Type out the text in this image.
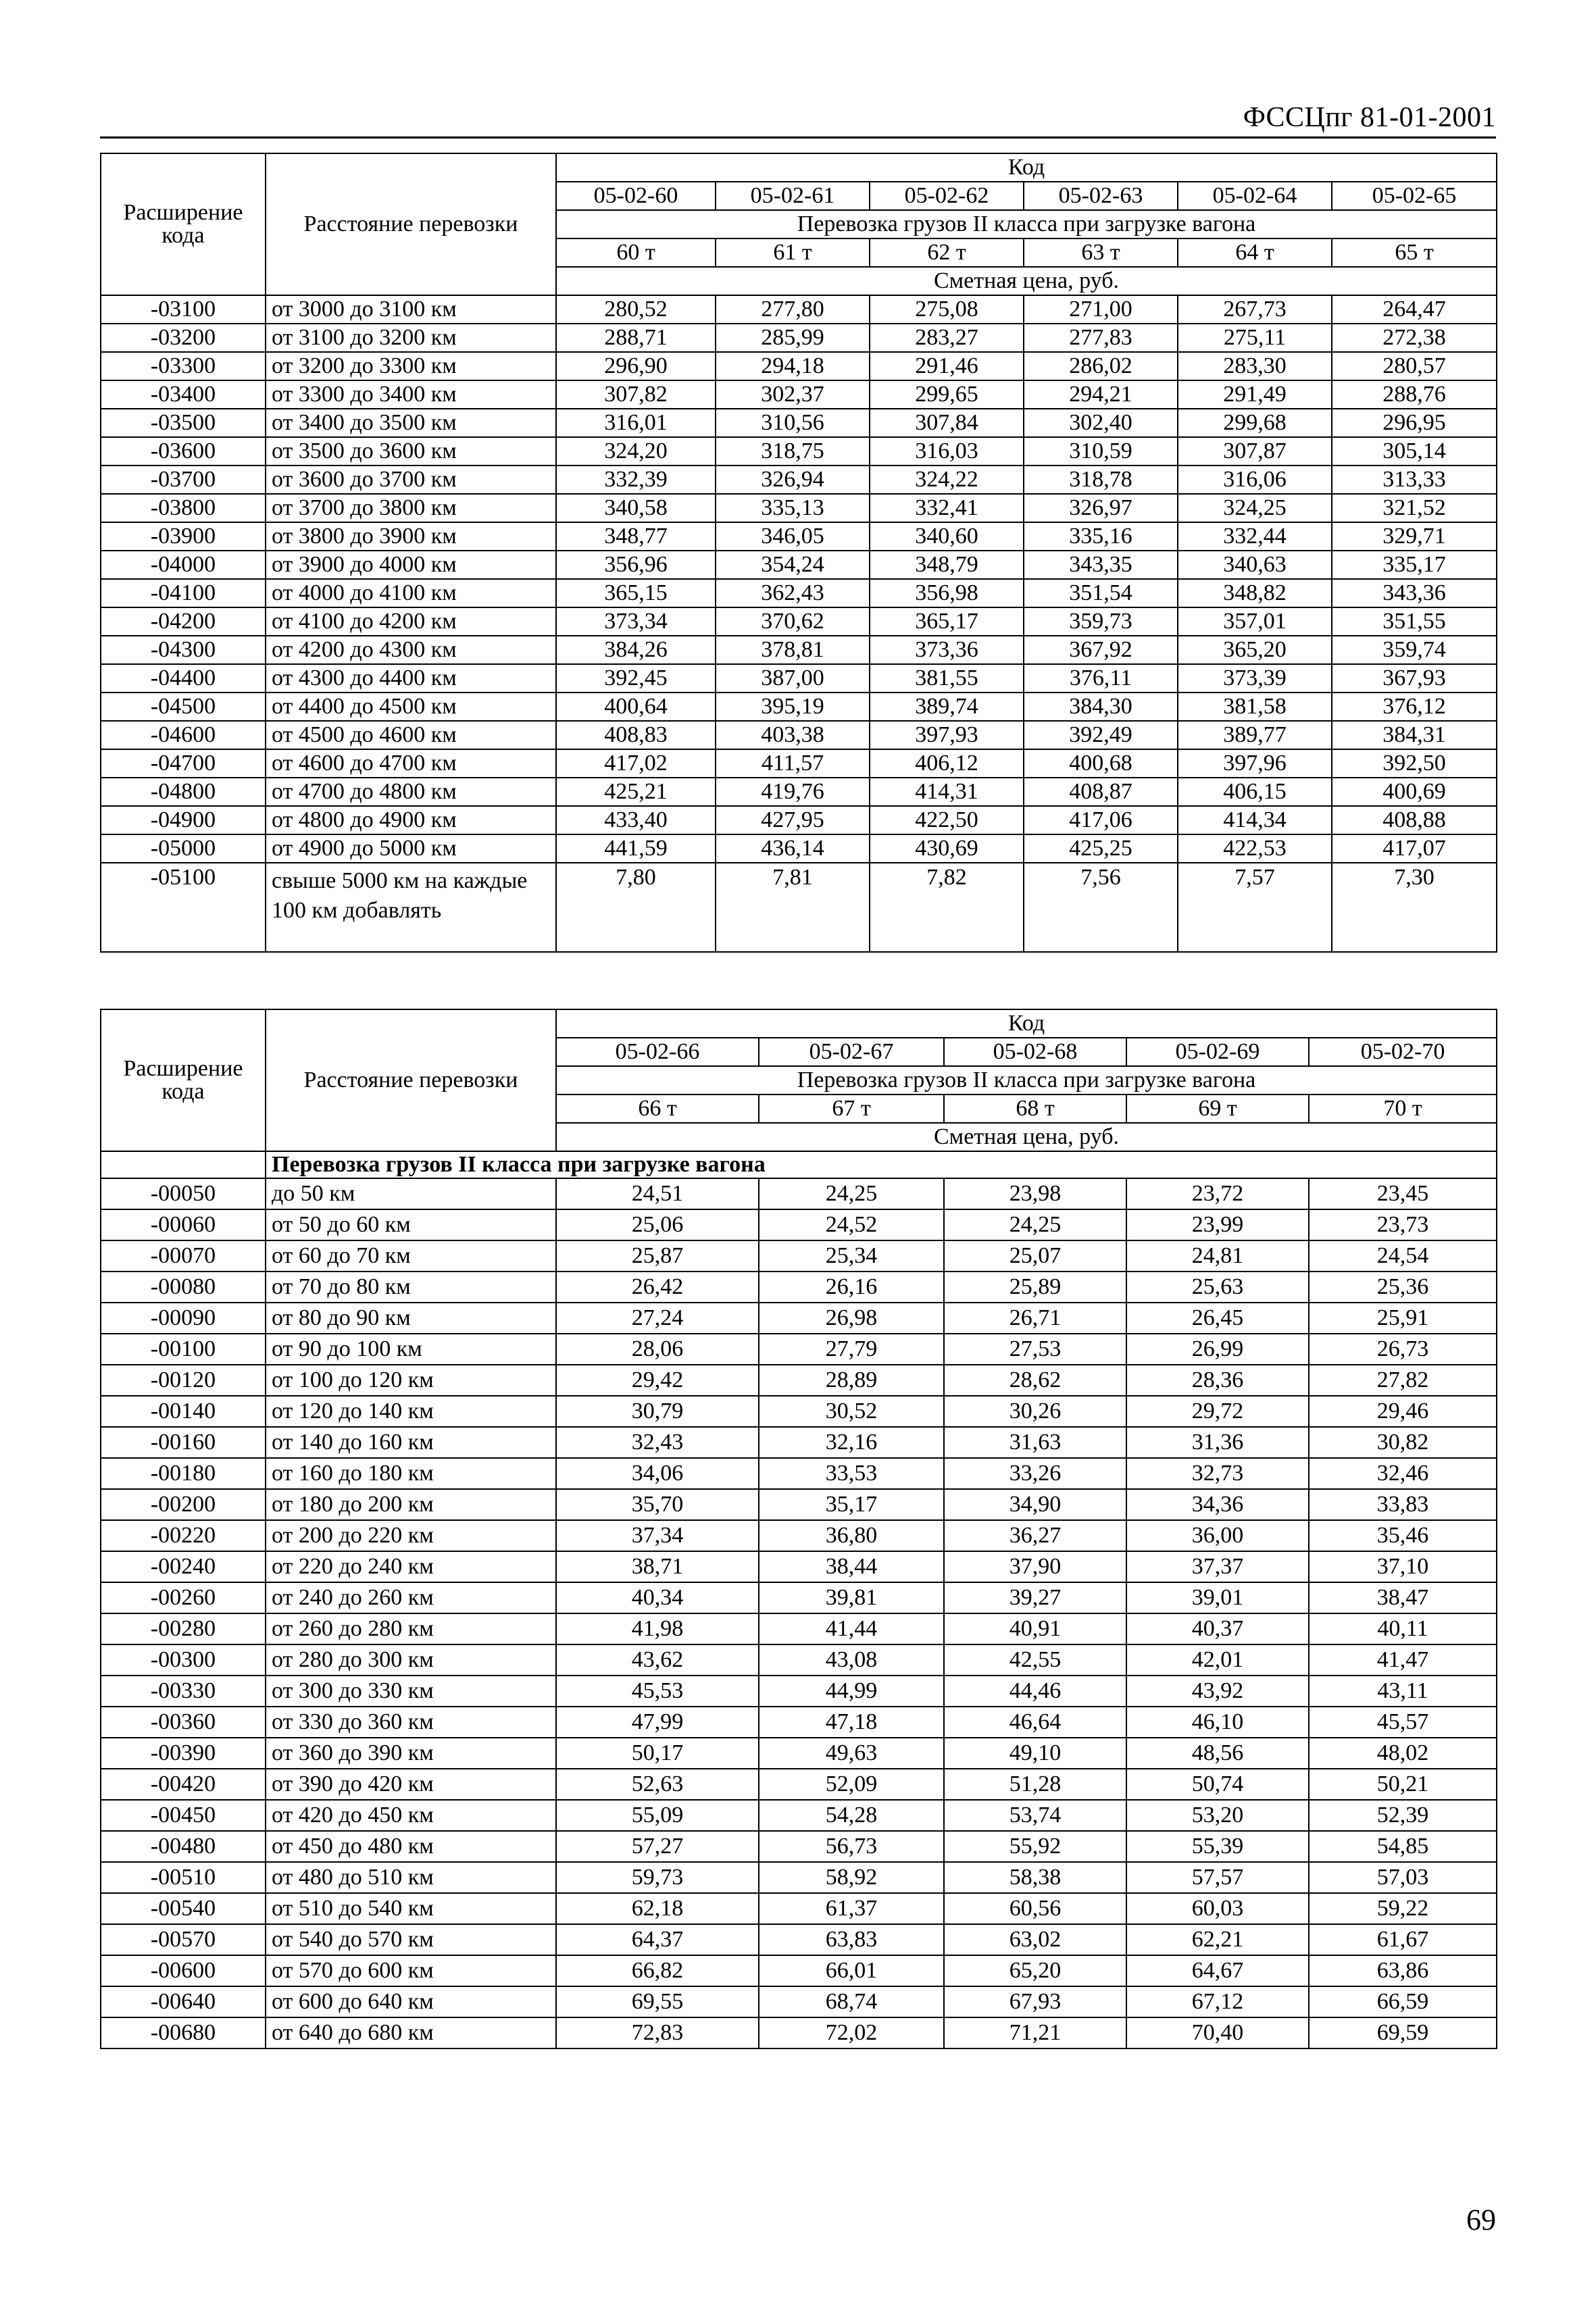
ФССЦпг 81-01-2001
Расширение кода	Расстояние перевозки	Код					
		05-02-60	05-02-61	05-02-62	05-02-63	05-02-64	05-02-65
		Перевозка грузов II класса при загрузке вагона					
		60 т	61 т	62 т	63 т	64 т	65 т
		Сметная цена, руб.					
-03100	от 3000 до 3100 км	280,52	277,80	275,08	271,00	267,73	264,47
-03200	от 3100 до 3200 км	288,71	285,99	283,27	277,83	275,11	272,38
-03300	от 3200 до 3300 км	296,90	294,18	291,46	286,02	283,30	280,57
-03400	от 3300 до 3400 км	307,82	302,37	299,65	294,21	291,49	288,76
-03500	от 3400 до 3500 км	316,01	310,56	307,84	302,40	299,68	296,95
-03600	от 3500 до 3600 км	324,20	318,75	316,03	310,59	307,87	305,14
-03700	от 3600 до 3700 км	332,39	326,94	324,22	318,78	316,06	313,33
-03800	от 3700 до 3800 км	340,58	335,13	332,41	326,97	324,25	321,52
-03900	от 3800 до 3900 км	348,77	346,05	340,60	335,16	332,44	329,71
-04000	от 3900 до 4000 км	356,96	354,24	348,79	343,35	340,63	335,17
-04100	от 4000 до 4100 км	365,15	362,43	356,98	351,54	348,82	343,36
-04200	от 4100 до 4200 км	373,34	370,62	365,17	359,73	357,01	351,55
-04300	от 4200 до 4300 км	384,26	378,81	373,36	367,92	365,20	359,74
-04400	от 4300 до 4400 км	392,45	387,00	381,55	376,11	373,39	367,93
-04500	от 4400 до 4500 км	400,64	395,19	389,74	384,30	381,58	376,12
-04600	от 4500 до 4600 км	408,83	403,38	397,93	392,49	389,77	384,31
-04700	от 4600 до 4700 км	417,02	411,57	406,12	400,68	397,96	392,50
-04800	от 4700 до 4800 км	425,21	419,76	414,31	408,87	406,15	400,69
-04900	от 4800 до 4900 км	433,40	427,95	422,50	417,06	414,34	408,88
-05000	от 4900 до 5000 км	441,59	436,14	430,69	425,25	422,53	417,07
-05100	свыше 5000 км на каждые 100 км добавлять	7,80	7,81	7,82	7,56	7,57	7,30
Расширение кода	Расстояние перевозки	Код				
		05-02-66	05-02-67	05-02-68	05-02-69	05-02-70
		Перевозка грузов II класса при загрузке вагона				
		66 т	67 т	68 т	69 т	70 т
		Сметная цена, руб.				
	Перевозка грузов II класса при загрузке вагона					
-00050	до 50 км	24,51	24,25	23,98	23,72	23,45
-00060	от 50 до 60 км	25,06	24,52	24,25	23,99	23,73
-00070	от 60 до 70 км	25,87	25,34	25,07	24,81	24,54
-00080	от 70 до 80 км	26,42	26,16	25,89	25,63	25,36
-00090	от 80 до 90 км	27,24	26,98	26,71	26,45	25,91
-00100	от 90 до 100 км	28,06	27,79	27,53	26,99	26,73
-00120	от 100 до 120 км	29,42	28,89	28,62	28,36	27,82
-00140	от 120 до 140 км	30,79	30,52	30,26	29,72	29,46
-00160	от 140 до 160 км	32,43	32,16	31,63	31,36	30,82
-00180	от 160 до 180 км	34,06	33,53	33,26	32,73	32,46
-00200	от 180 до 200 км	35,70	35,17	34,90	34,36	33,83
-00220	от 200 до 220 км	37,34	36,80	36,27	36,00	35,46
-00240	от 220 до 240 км	38,71	38,44	37,90	37,37	37,10
-00260	от 240 до 260 км	40,34	39,81	39,27	39,01	38,47
-00280	от 260 до 280 км	41,98	41,44	40,91	40,37	40,11
-00300	от 280 до 300 км	43,62	43,08	42,55	42,01	41,47
-00330	от 300 до 330 км	45,53	44,99	44,46	43,92	43,11
-00360	от 330 до 360 км	47,99	47,18	46,64	46,10	45,57
-00390	от 360 до 390 км	50,17	49,63	49,10	48,56	48,02
-00420	от 390 до 420 км	52,63	52,09	51,28	50,74	50,21
-00450	от 420 до 450 км	55,09	54,28	53,74	53,20	52,39
-00480	от 450 до 480 км	57,27	56,73	55,92	55,39	54,85
-00510	от 480 до 510 км	59,73	58,92	58,38	57,57	57,03
-00540	от 510 до 540 км	62,18	61,37	60,56	60,03	59,22
-00570	от 540 до 570 км	64,37	63,83	63,02	62,21	61,67
-00600	от 570 до 600 км	66,82	66,01	65,20	64,67	63,86
-00640	от 600 до 640 км	69,55	68,74	67,93	67,12	66,59
-00680	от 640 до 680 км	72,83	72,02	71,21	70,40	69,59
69
